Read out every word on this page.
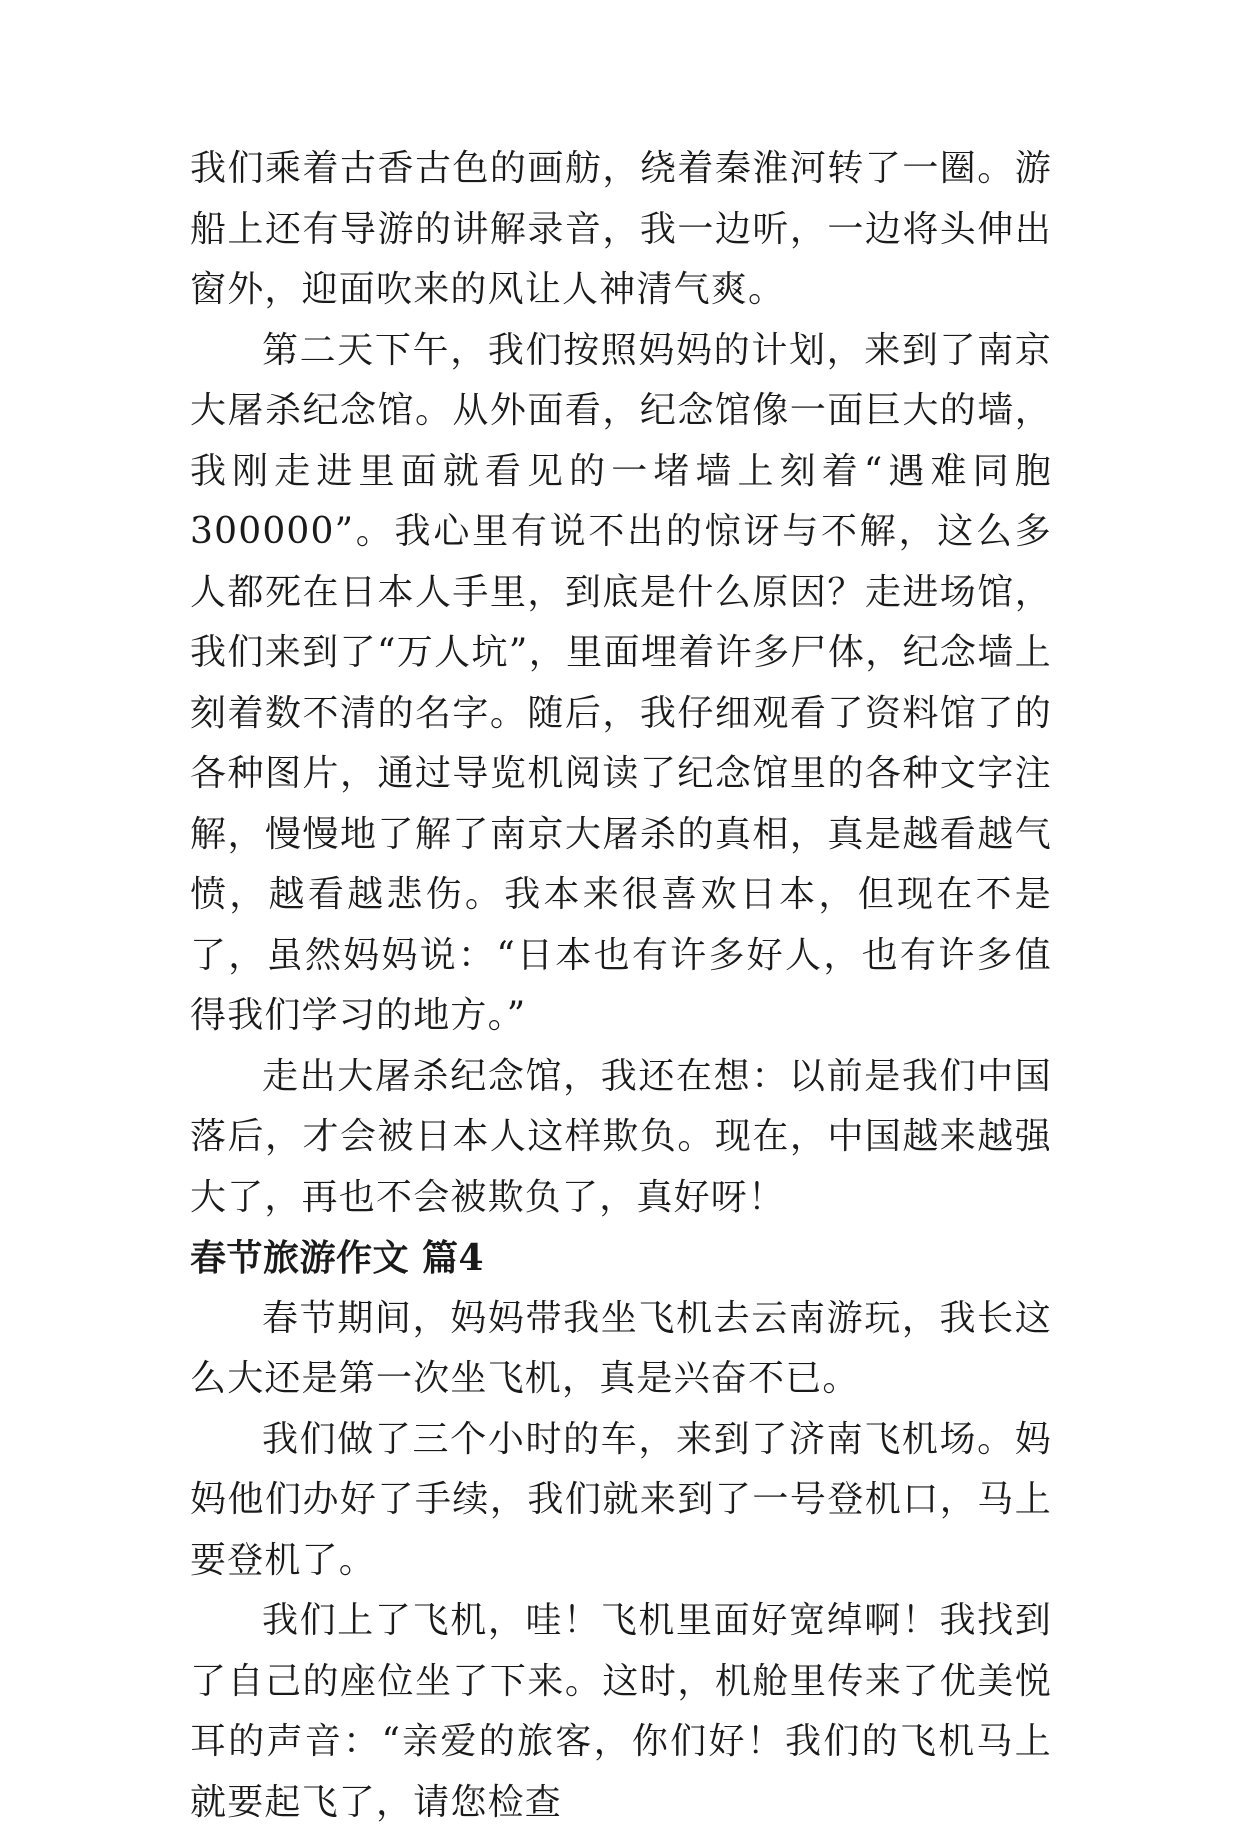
我们乘着古香古色的画舫，绕着秦淮河转了一圈。游船上还有导游的讲解录音，我一边听，一边将头伸出窗外，迎面吹来的风让人神清气爽。

第二天下午，我们按照妈妈的计划，来到了南京大屠杀纪念馆。从外面看，纪念馆像一面巨大的墙，我刚走进里面就看见的一堵墙上刻着“遇难同胞300000”。我心里有说不出的惊讶与不解，这么多人都死在日本人手里，到底是什么原因？走进场馆，我们来到了“万人坑”，里面埋着许多尸体，纪念墙上刻着数不清的名字。随后，我仔细观看了资料馆了的各种图片，通过导览机阅读了纪念馆里的各种文字注解，慢慢地了解了南京大屠杀的真相，真是越看越气愤，越看越悲伤。我本来很喜欢日本，但现在不是了，虽然妈妈说：“日本也有许多好人，也有许多值得我们学习的地方。”

走出大屠杀纪念馆，我还在想：以前是我们中国落后，才会被日本人这样欺负。现在，中国越来越强大了，再也不会被欺负了，真好呀！

春节旅游作文 篇4

春节期间，妈妈带我坐飞机去云南游玩，我长这么大还是第一次坐飞机，真是兴奋不已。

我们做了三个小时的车，来到了济南飞机场。妈妈他们办好了手续，我们就来到了一号登机口，马上要登机了。

我们上了飞机，哇！飞机里面好宽绰啊！我找到了自己的座位坐了下来。这时，机舱里传来了优美悦耳的声音：“亲爱的旅客，你们好！我们的飞机马上就要起飞了，请您检查
